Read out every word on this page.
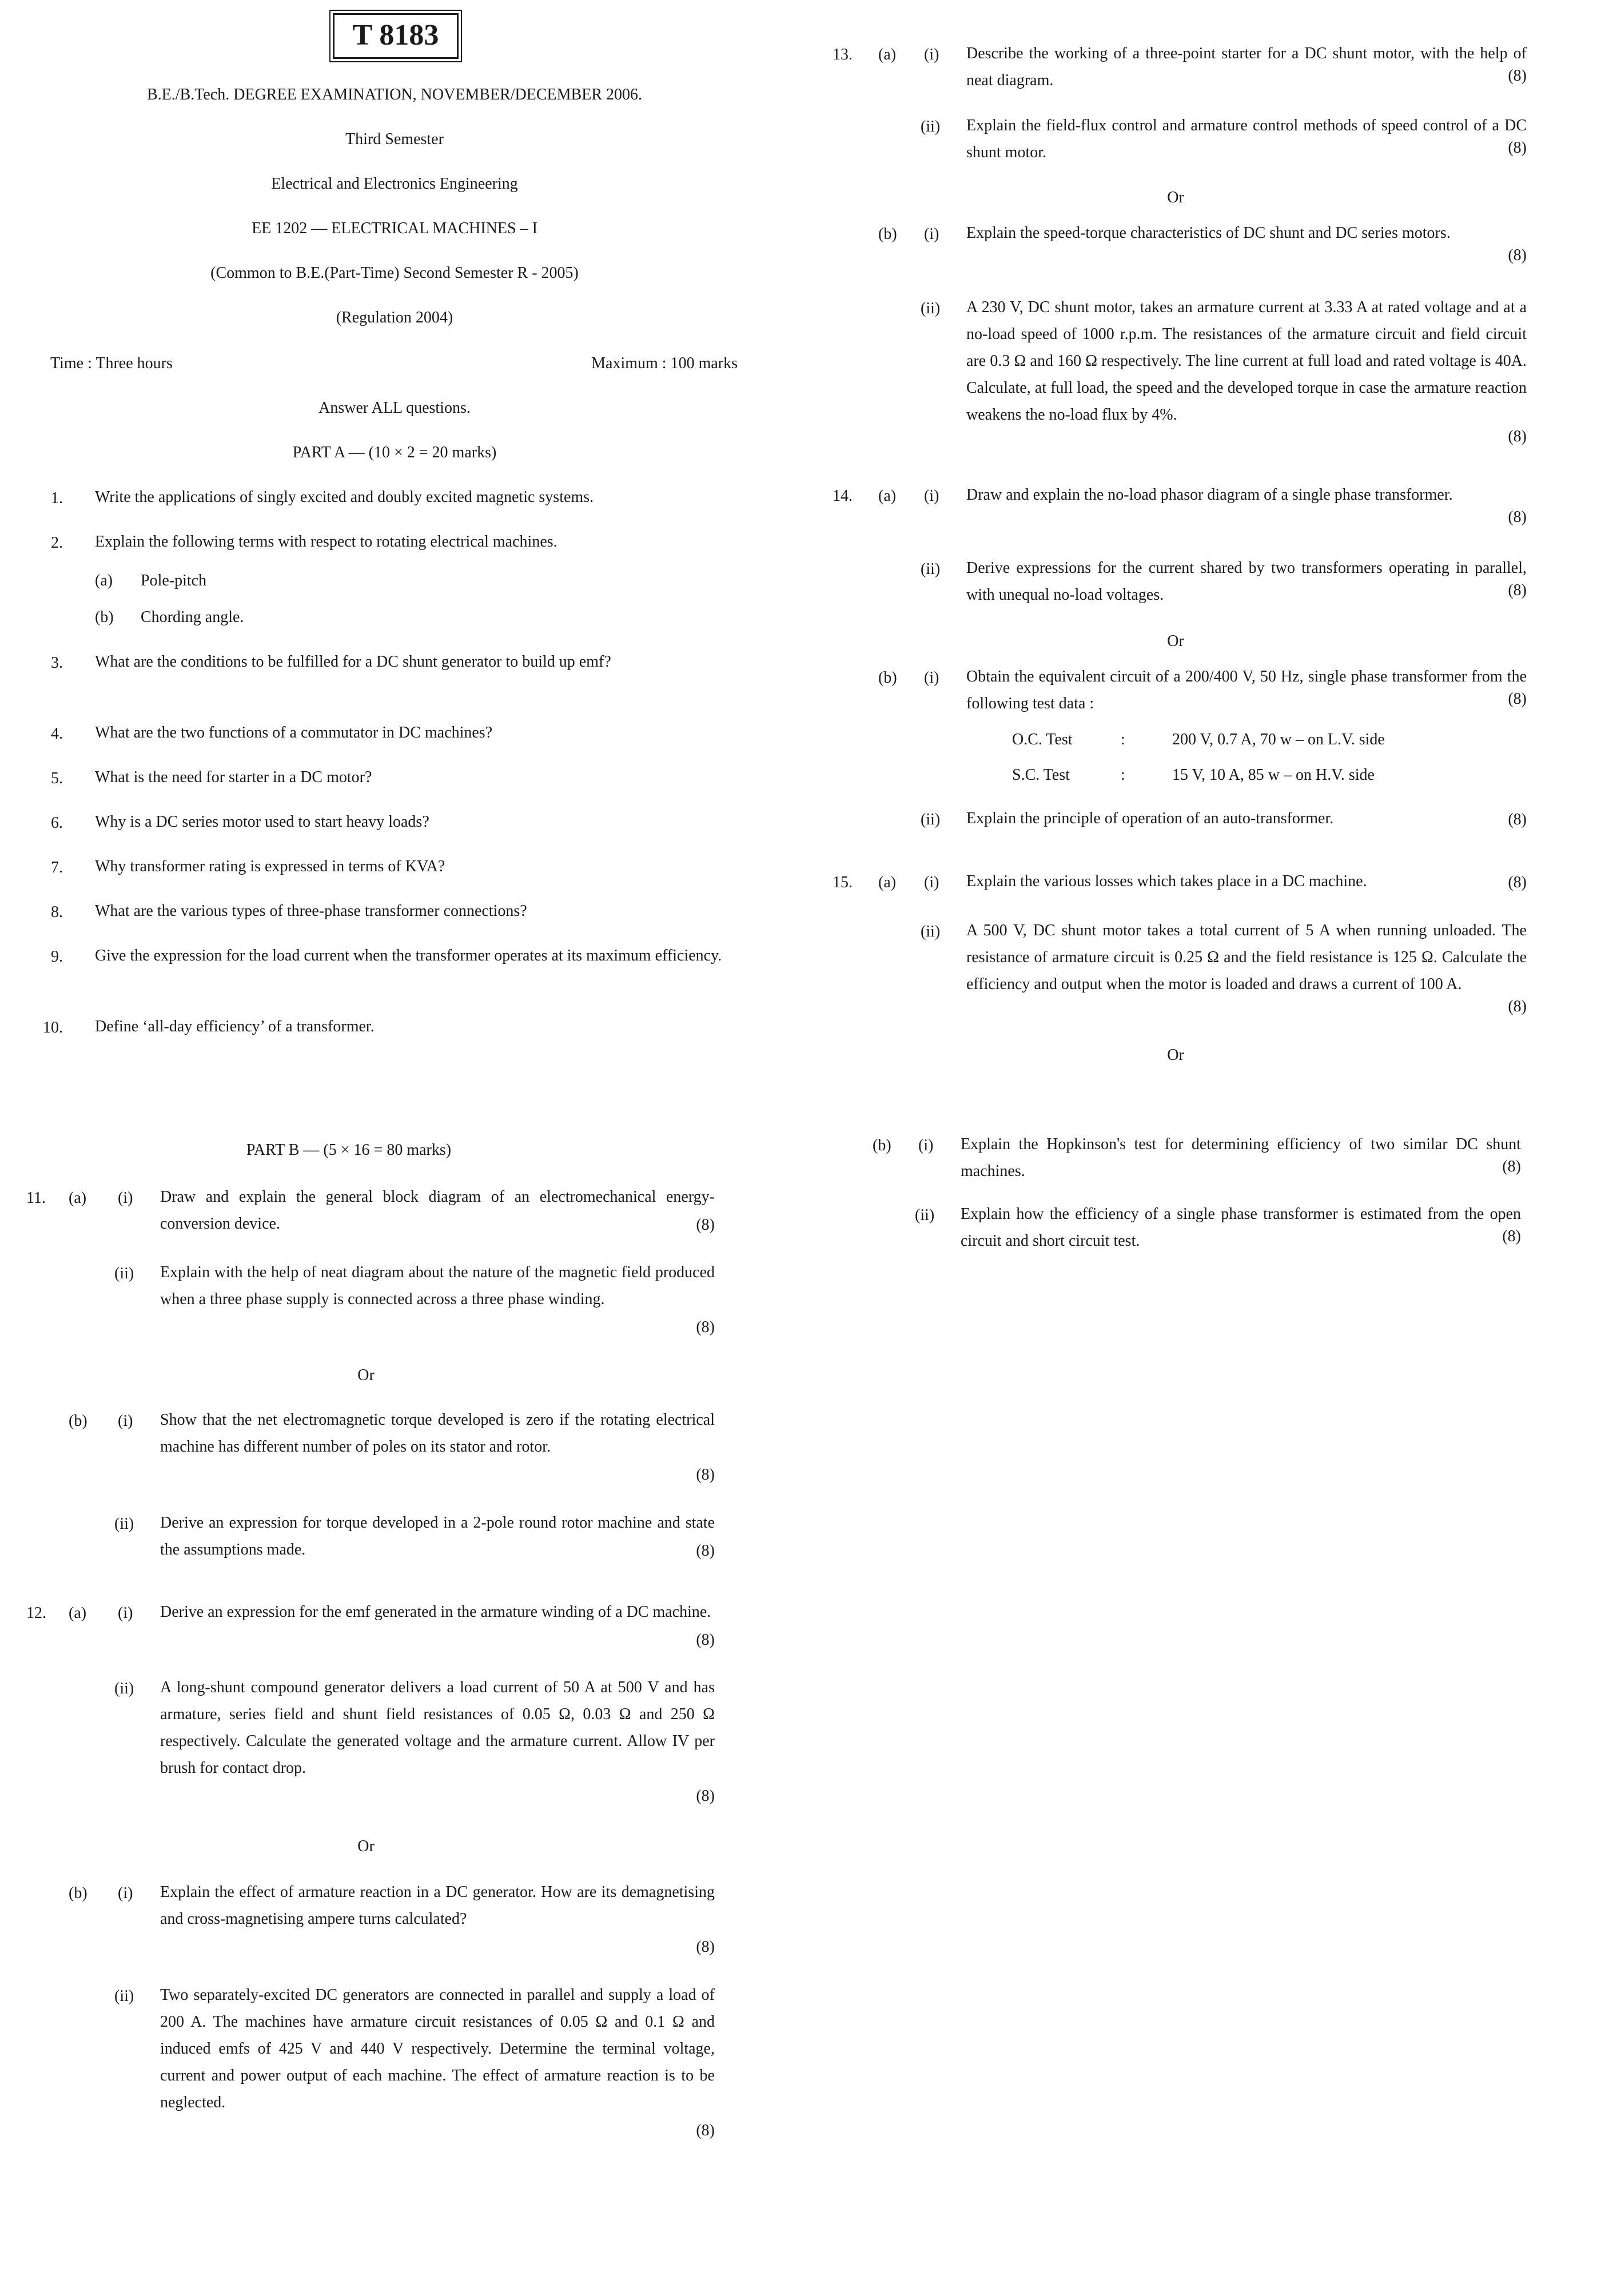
T 8183
B.E./B.Tech. DEGREE EXAMINATION, NOVEMBER/DECEMBER 2006.
Third Semester
Electrical and Electronics Engineering
EE 1202 — ELECTRICAL MACHINES – I
(Common to B.E.(Part-Time) Second Semester R - 2005)
(Regulation 2004)
Time : Three hours	Maximum : 100 marks
Answer ALL questions.
PART A — (10 × 2 = 20 marks)
1. Write the applications of singly excited and doubly excited magnetic systems.
2. Explain the following terms with respect to rotating electrical machines.
(a) Pole-pitch
(b) Chording angle.
3. What are the conditions to be fulfilled for a DC shunt generator to build up emf?
4. What are the two functions of a commutator in DC machines?
5. What is the need for starter in a DC motor?
6. Why is a DC series motor used to start heavy loads?
7. Why transformer rating is expressed in terms of KVA?
8. What are the various types of three-phase transformer connections?
9. Give the expression for the load current when the transformer operates at its maximum efficiency.
10. Define ‘all-day efficiency’ of a transformer.
PART B — (5 × 16 = 80 marks)
11. (a) (i) Draw and explain the general block diagram of an electromechanical energy-conversion device.	(8)
(ii) Explain with the help of neat diagram about the nature of the magnetic field produced when a three phase supply is connected across a three phase winding.
(8)
Or
(b) (i) Show that the net electromagnetic torque developed is zero if the rotating electrical machine has different number of poles on its stator and rotor.
(8)
(ii) Derive an expression for torque developed in a 2-pole round rotor machine and state the assumptions made.	(8)
12. (a) (i) Derive an expression for the emf generated in the armature winding of a DC machine.
(8)
(ii) A long-shunt compound generator delivers a load current of 50 A at 500 V and has armature, series field and shunt field resistances of 0.05 Ω, 0.03 Ω and 250 Ω respectively. Calculate the generated voltage and the armature current. Allow IV per brush for contact drop.
(8)
Or
(b) (i) Explain the effect of armature reaction in a DC generator. How are its demagnetising and cross-magnetising ampere turns calculated?
(8)
(ii) Two separately-excited DC generators are connected in parallel and supply a load of 200 A. The machines have armature circuit resistances of 0.05 Ω and 0.1 Ω and induced emfs of 425 V and 440 V respectively. Determine the terminal voltage, current and power output of each machine. The effect of armature reaction is to be neglected.
(8)
13. (a) (i) Describe the working of a three-point starter for a DC shunt motor, with the help of neat diagram.	(8)
(ii) Explain the field-flux control and armature control methods of speed control of a DC shunt motor.	(8)
Or
(b) (i) Explain the speed-torque characteristics of DC shunt and DC series motors.
(8)
(ii) A 230 V, DC shunt motor, takes an armature current at 3.33 A at rated voltage and at a no-load speed of 1000 r.p.m. The resistances of the armature circuit and field circuit are 0.3 Ω and 160 Ω respectively. The line current at full load and rated voltage is 40A. Calculate, at full load, the speed and the developed torque in case the armature reaction weakens the no-load flux by 4%.
(8)
14. (a) (i) Draw and explain the no-load phasor diagram of a single phase transformer.
(8)
(ii) Derive expressions for the current shared by two transformers operating in parallel, with unequal no-load voltages.	(8)
Or
(b) (i) Obtain the equivalent circuit of a 200/400 V, 50 Hz, single phase transformer from the following test data :	(8)
O.C. Test	:	200 V, 0.7 A, 70 w – on L.V. side
S.C. Test	:	15 V, 10 A, 85 w – on H.V. side
(ii) Explain the principle of operation of an auto-transformer.	(8)
15. (a) (i) Explain the various losses which takes place in a DC machine.	(8)
(ii) A 500 V, DC shunt motor takes a total current of 5 A when running unloaded. The resistance of armature circuit is 0.25 Ω and the field resistance is 125 Ω. Calculate the efficiency and output when the motor is loaded and draws a current of 100 A.
(8)
Or
(b) (i) Explain the Hopkinson's test for determining efficiency of two similar DC shunt machines.	(8)
(ii) Explain how the efficiency of a single phase transformer is estimated from the open circuit and short circuit test.	(8)
